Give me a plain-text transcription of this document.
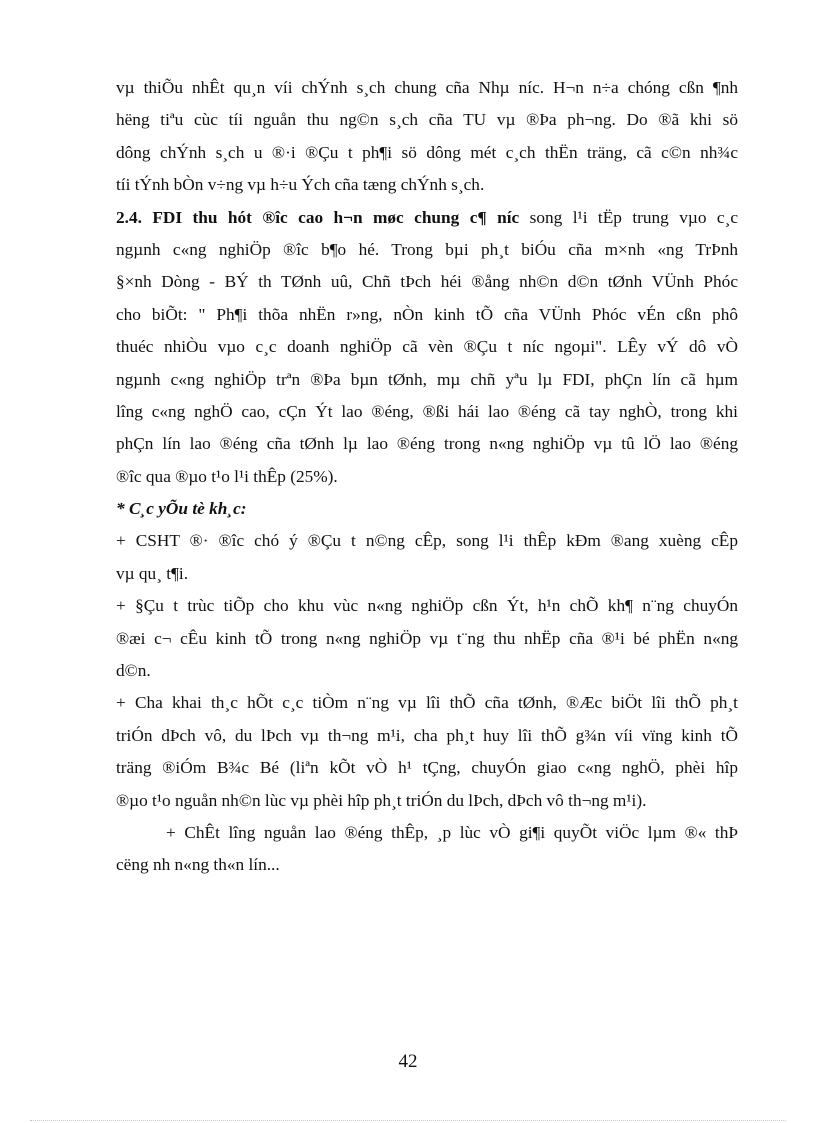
vµ thiÕu nhÊt qu¸n víi chÝnh s¸ch chung cña Nhµ níc. H¬n n÷a chóng cßn ¶nh
hëng tiªu cùc tíi nguån thu ng©n s¸ch cña TU vµ ®Þa ph¬ng. Do ®ã khi sö
dông chÝnh s¸ch u ®·i ®Çu t ph¶i sö dông mét c¸ch thËn träng, cã c©n nh¾c
tíi tÝnh bÒn v÷ng vµ h÷u Ých cña tæng chÝnh s¸ch.
2.4. FDI thu hót ®îc cao h¬n møc chung c¶ níc song l¹i tËp trung vµo c¸c
ngµnh c«ng nghiÖp ®îc b¶o hé. Trong bµi ph¸t biÓu cña m×nh «ng TrÞnh
§×nh Dòng - BÝ th TØnh uû, Chñ tÞch héi ®ång nh©n d©n tØnh VÜnh Phóc
cho biÕt: " Ph¶i thõa nhËn r»ng, nÒn kinh tÕ cña VÜnh Phóc vÉn cßn phô
thuéc nhiÒu vµo c¸c doanh nghiÖp cã vèn ®Çu t níc ngoµi". LÊy vÝ dô vÒ
ngµnh c«ng nghiÖp trªn ®Þa bµn tØnh, mµ chñ yªu lµ FDI, phÇn lín cã hµm
lîng c«ng nghÖ cao, cÇn Ýt lao ®éng, ®ßi hái lao ®éng cã tay nghÒ, trong khi
phÇn lín lao ®éng cña tØnh lµ lao ®éng trong n«ng nghiÖp vµ tû lÖ lao ®éng
®îc qua ®µo t¹o l¹i thÊp (25%).
* C¸c yÕu tè kh¸c:
+ CSHT ®· ®îc chó ý ®Çu t n©ng cÊp, song l¹i thÊp kÐm ®ang xuèng cÊp
vµ qu¸ t¶i.
+ §Çu t trùc tiÕp cho khu vùc n«ng nghiÖp cßn Ýt, h¹n chÕ kh¶ n¨ng chuyÓn
®æi c¬ cÊu kinh tÕ trong n«ng nghiÖp vµ t¨ng thu nhËp cña ®¹i bé phËn n«ng
d©n.
+ Cha khai th¸c hÕt c¸c tiÒm n¨ng vµ lîi thÕ cña tØnh, ®Æc biÖt lîi thÕ ph¸t
triÓn dÞch vô, du lÞch vµ th¬ng m¹i, cha ph¸t huy lîi thÕ g¾n víi vïng kinh tÕ
träng ®iÓm B¾c Bé (liªn kÕt vÒ h¹ tÇng, chuyÓn giao c«ng nghÖ, phèi hîp
®µo t¹o nguån nh©n lùc vµ phèi hîp ph¸t triÓn du lÞch, dÞch vô th¬ng m¹i).
+ ChÊt lîng nguån lao ®éng thÊp, ¸p lùc vÒ gi¶i quyÕt viÖc lµm ®« thÞ
cëng nh n«ng th«n lín...
42
